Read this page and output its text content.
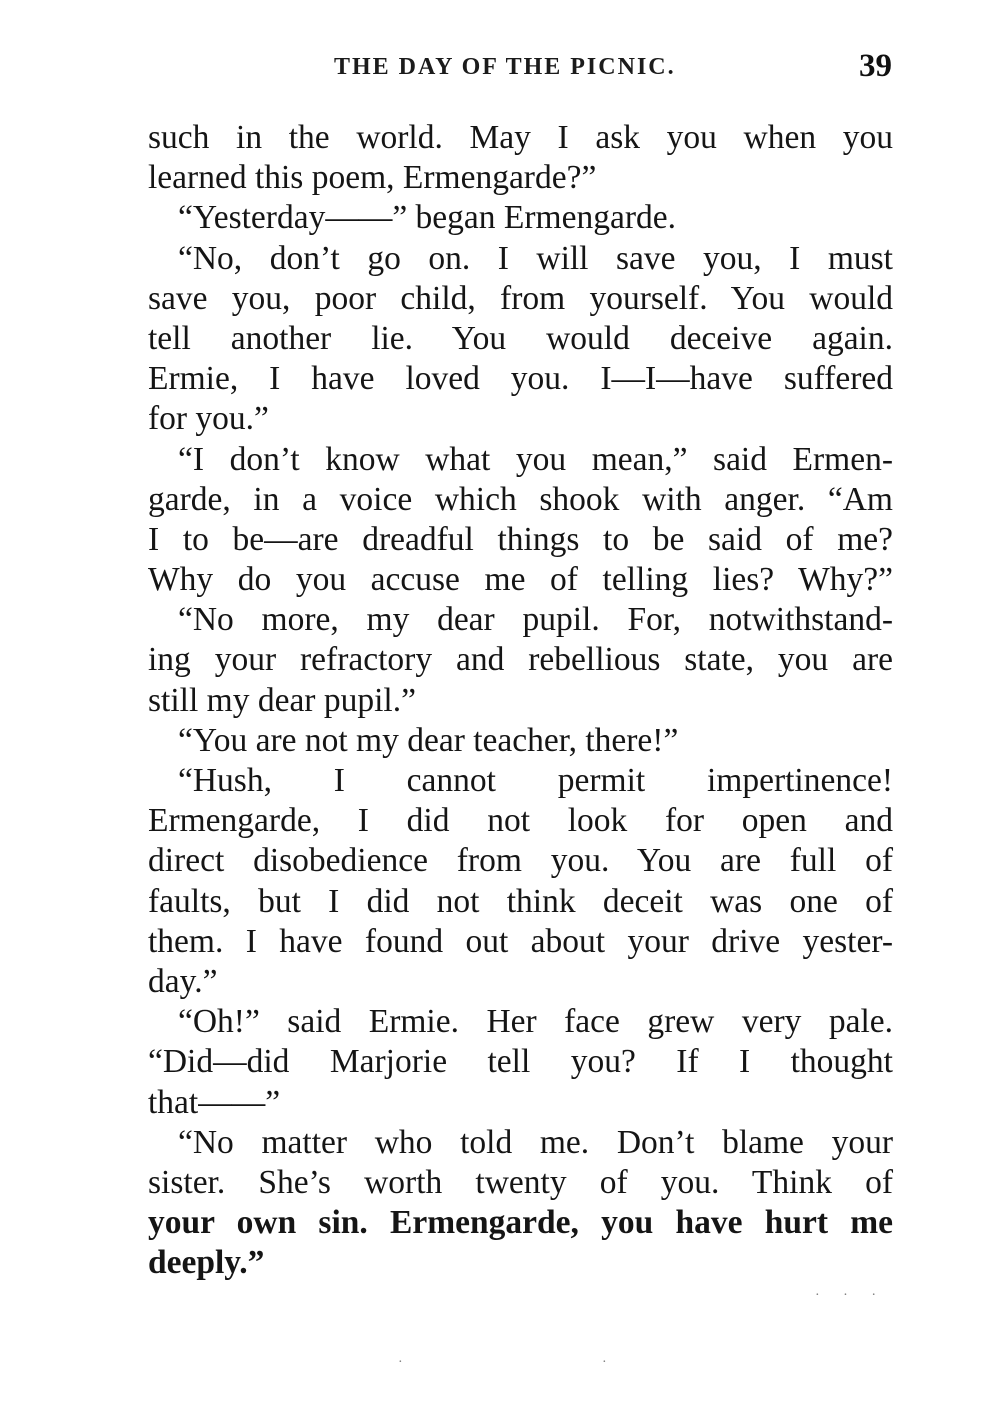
THE DAY OF THE PICNIC.	39
such in the world. May I ask you when you
learned this poem, Ermengarde?”
“Yesterday——” began Ermengarde.
“No, don’t go on. I will save you, I must
save you, poor child, from yourself. You would
tell another lie. You would deceive again.
Ermie, I have loved you. I—I—have suffered
for you.”
“I don’t know what you mean,” said Ermen-
garde, in a voice which shook with anger. “Am
I to be—are dreadful things to be said of me?
Why do you accuse me of telling lies? Why?”
“No more, my dear pupil. For, notwithstand-
ing your refractory and rebellious state, you are
still my dear pupil.”
“You are not my dear teacher, there!”
“Hush, I cannot permit impertinence!
Ermengarde, I did not look for open and
direct disobedience from you. You are full of
faults, but I did not think deceit was one of
them. I have found out about your drive yester-
day.”
“Oh!” said Ermie. Her face grew very pale.
“Did—did Marjorie tell you? If I thought
that——”
“No matter who told me. Don’t blame your
sister. She’s worth twenty of you. Think of
your own sin. Ermengarde, you have hurt me
deeply.”
· · ·
·	·
